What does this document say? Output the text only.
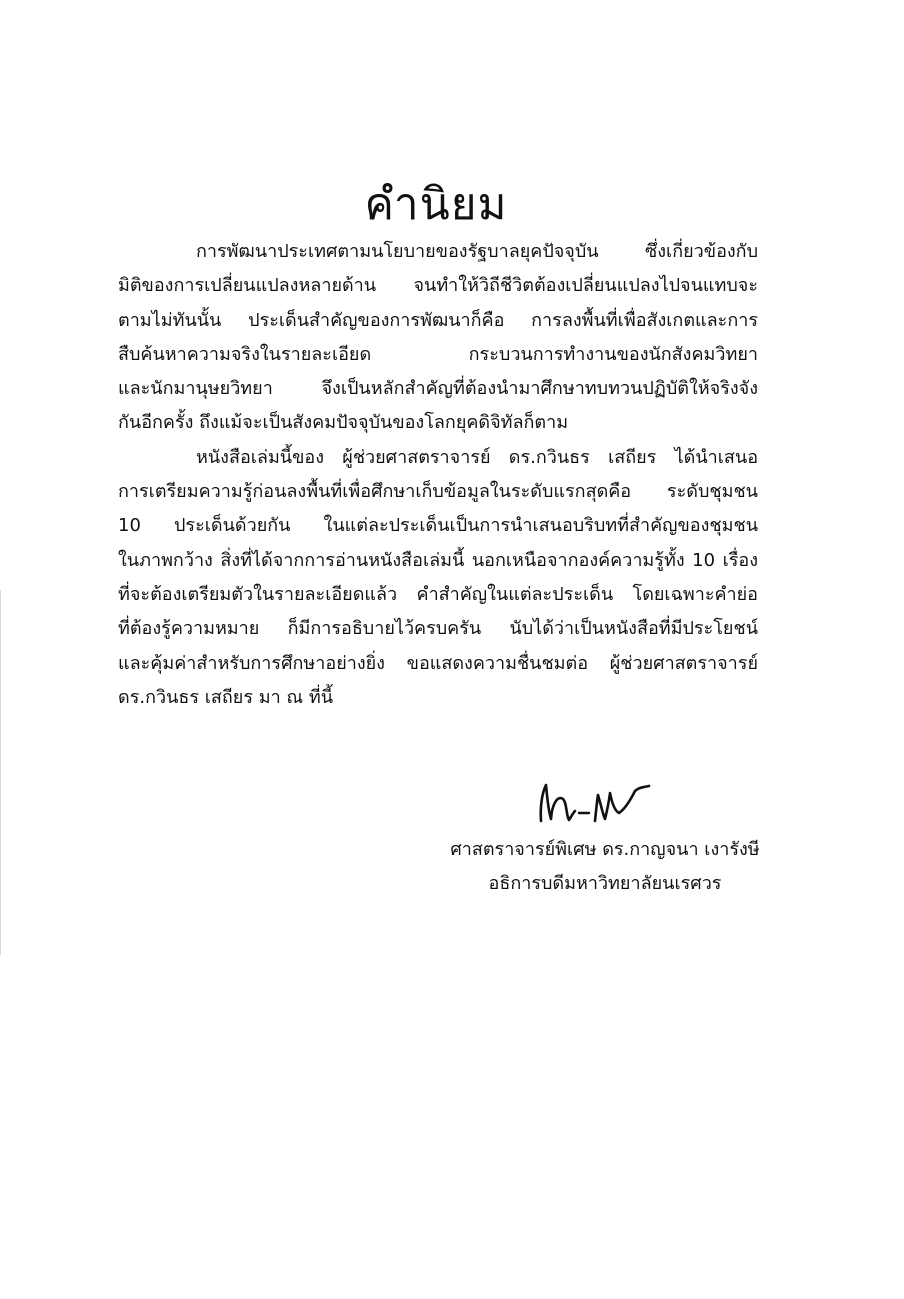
คำนิยม
การพัฒนาประเทศตามนโยบายของรัฐบาลยุคปัจจุบัน ซึ่งเกี่ยวข้องกับ
มิติของการเปลี่ยนแปลงหลายด้าน จนทำให้วิถีชีวิตต้องเปลี่ยนแปลงไปจนแทบจะ
ตามไม่ทันนั้น ประเด็นสำคัญของการพัฒนาก็คือ การลงพื้นที่เพื่อสังเกตและการ
สืบค้นหาความจริงในรายละเอียด กระบวนการทำงานของนักสังคมวิทยา
และนักมานุษยวิทยา จึงเป็นหลักสำคัญที่ต้องนำมาศึกษาทบทวนปฏิบัติให้จริงจัง
กันอีกครั้ง ถึงแม้จะเป็นสังคมปัจจุบันของโลกยุคดิจิทัลก็ตาม
หนังสือเล่มนี้ของ ผู้ช่วยศาสตราจารย์ ดร.กวินธร เสถียร ได้นำเสนอ
การเตรียมความรู้ก่อนลงพื้นที่เพื่อศึกษาเก็บข้อมูลในระดับแรกสุดคือ ระดับชุมชน
10 ประเด็นด้วยกัน ในแต่ละประเด็นเป็นการนำเสนอบริบทที่สำคัญของชุมชน
ในภาพกว้าง สิ่งที่ได้จากการอ่านหนังสือเล่มนี้ นอกเหนือจากองค์ความรู้ทั้ง 10 เรื่อง
ที่จะต้องเตรียมตัวในรายละเอียดแล้ว คำสำคัญในแต่ละประเด็น โดยเฉพาะคำย่อ
ที่ต้องรู้ความหมาย ก็มีการอธิบายไว้ครบครัน นับได้ว่าเป็นหนังสือที่มีประโยชน์
และคุ้มค่าสำหรับการศึกษาอย่างยิ่ง ขอแสดงความชื่นชมต่อ ผู้ช่วยศาสตราจารย์
ดร.กวินธร เสถียร มา ณ ที่นี้
ศาสตราจารย์พิเศษ ดร.กาญจนา เงารังษี
อธิการบดีมหาวิทยาลัยนเรศวร
